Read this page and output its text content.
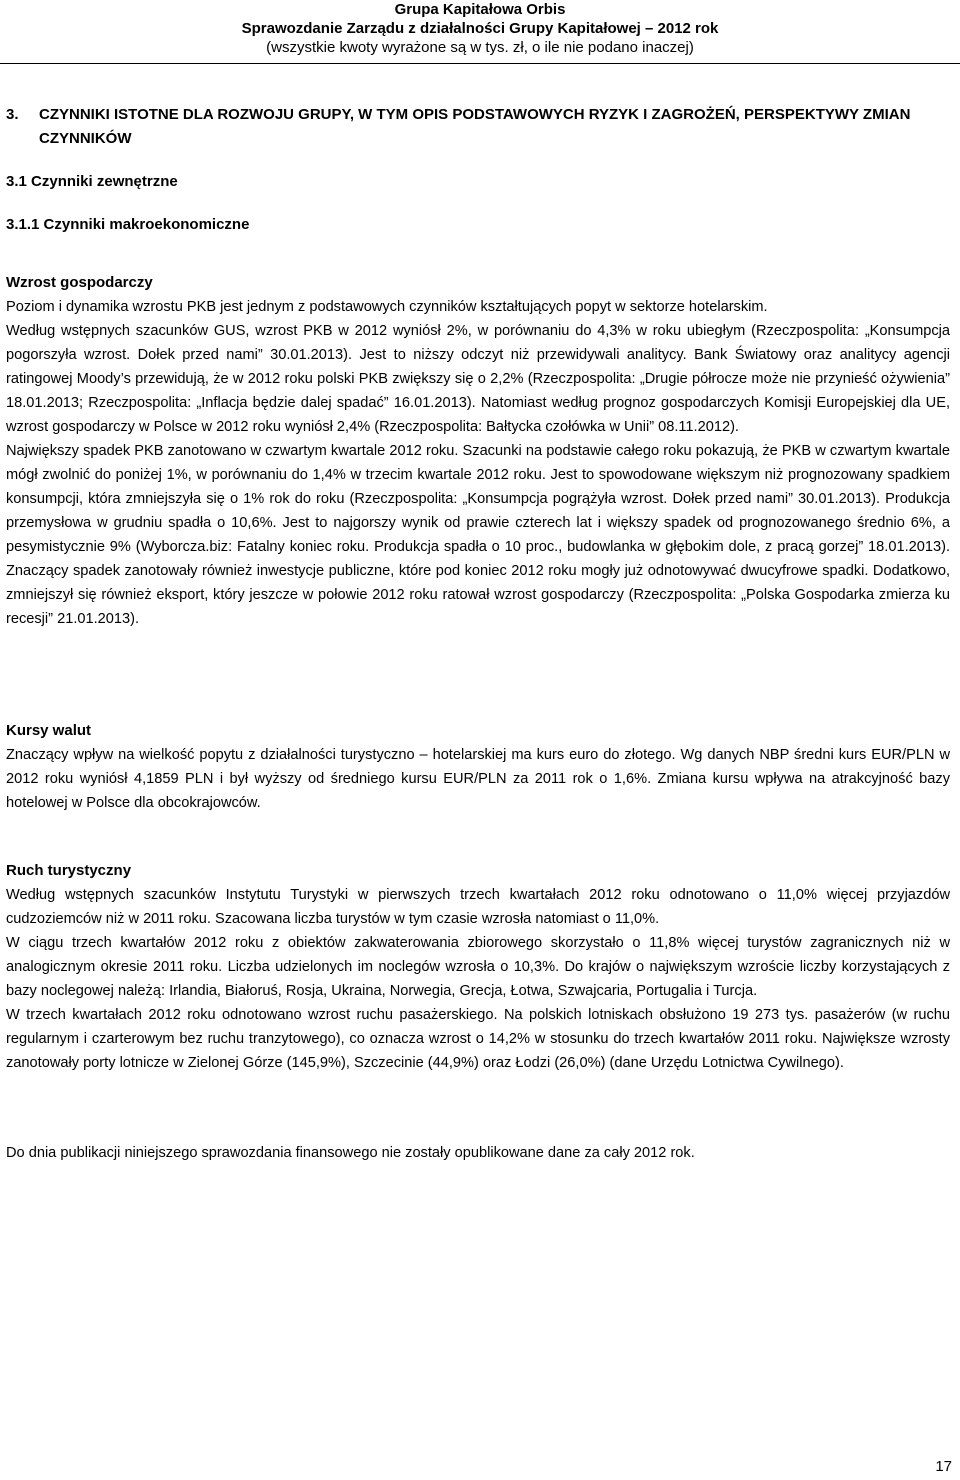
Grupa Kapitałowa Orbis
Sprawozdanie Zarządu z działalności Grupy Kapitałowej – 2012 rok
(wszystkie kwoty wyrażone są w tys. zł, o ile nie podano inaczej)
3. CZYNNIKI ISTOTNE DLA ROZWOJU GRUPY, W TYM OPIS PODSTAWOWYCH RYZYK I ZAGROŻEŃ, PERSPEKTYWY ZMIAN CZYNNIKÓW
3.1 Czynniki zewnętrzne
3.1.1 Czynniki makroekonomiczne
Wzrost gospodarczy

Poziom i dynamika wzrostu PKB jest jednym z podstawowych czynników kształtujących popyt w sektorze hotelarskim.

Według wstępnych szacunków GUS, wzrost PKB w 2012 wyniósł 2%, w porównaniu do 4,3% w roku ubiegłym (Rzeczpospolita: „Konsumpcja pogorszyła wzrost. Dołek przed nami” 30.01.2013). Jest to niższy odczyt niż przewidywali analitycy. Bank Światowy oraz analitycy agencji ratingowej Moody’s przewidują, że w 2012 roku polski PKB zwiększy się o 2,2% (Rzeczpospolita: „Drugie półrocze może nie przynieść ożywienia” 18.01.2013; Rzeczpospolita: „Inflacja będzie dalej spadać” 16.01.2013). Natomiast według prognoz gospodarczych Komisji Europejskiej dla UE, wzrost gospodarczy w Polsce w 2012 roku wyniósł 2,4% (Rzeczpospolita: Bałtycka czołówka w Unii” 08.11.2012).

Największy spadek PKB zanotowano w czwartym kwartale 2012 roku. Szacunki na podstawie całego roku pokazują, że PKB w czwartym kwartale mógł zwolnić do poniżej 1%, w porównaniu do 1,4% w trzecim kwartale 2012 roku. Jest to spowodowane większym niż prognozowany spadkiem konsumpcji, która zmniejszyła się o 1% rok do roku (Rzeczpospolita: „Konsumpcja pogrążyła wzrost. Dołek przed nami” 30.01.2013). Produkcja przemysłowa w grudniu spadła o 10,6%. Jest to najgorszy wynik od prawie czterech lat i większy spadek od prognozowanego średnio 6%, a pesymistycznie 9% (Wyborcza.biz: Fatalny koniec roku. Produkcja spadła o 10 proc., budowlanka w głębokim dole, z pracą gorzej” 18.01.2013). Znaczący spadek zanotowały również inwestycje publiczne, które pod koniec 2012 roku mogły już odnotowywać dwucyfrowe spadki. Dodatkowo, zmniejszył się również eksport, który jeszcze w połowie 2012 roku ratował wzrost gospodarczy (Rzeczpospolita: „Polska Gospodarka zmierza ku recesji” 21.01.2013).

Kursy walut

Znaczący wpływ na wielkość popytu z działalności turystyczno – hotelarskiej ma kurs euro do złotego. Wg danych NBP średni kurs EUR/PLN w 2012 roku wyniósł 4,1859 PLN i był wyższy od średniego kursu EUR/PLN za 2011 rok o 1,6%. Zmiana kursu wpływa na atrakcyjność bazy hotelowej w Polsce dla obcokrajowców.

Ruch turystyczny

Według wstępnych szacunków Instytutu Turystyki w pierwszych trzech kwartałach 2012 roku odnotowano o 11,0% więcej przyjazdów cudzoziemców niż w 2011 roku. Szacowana liczba turystów w tym czasie wzrosła natomiast o 11,0%.

W ciągu trzech kwartałów 2012 roku z obiektów zakwaterowania zbiorowego skorzystało o 11,8% więcej turystów zagranicznych niż w analogicznym okresie 2011 roku. Liczba udzielonych im noclegów wzrosła o 10,3%. Do krajów o największym wzroście liczby korzystających z bazy noclegowej należą: Irlandia, Białoruś, Rosja, Ukraina, Norwegia, Grecja, Łotwa, Szwajcaria, Portugalia i Turcja.

W trzech kwartałach 2012 roku odnotowano wzrost ruchu pasażerskiego. Na polskich lotniskach obsłużono 19 273 tys. pasażerów (w ruchu regularnym i czarterowym bez ruchu tranzytowego), co oznacza wzrost o 14,2% w stosunku do trzech kwartałów 2011 roku. Największe wzrosty zanotowały porty lotnicze w Zielonej Górze (145,9%), Szczecinie (44,9%) oraz Łodzi (26,0%) (dane Urzędu Lotnictwa Cywilnego).

Do dnia publikacji niniejszego sprawozdania finansowego nie zostały opublikowane dane za cały 2012 rok.

17
